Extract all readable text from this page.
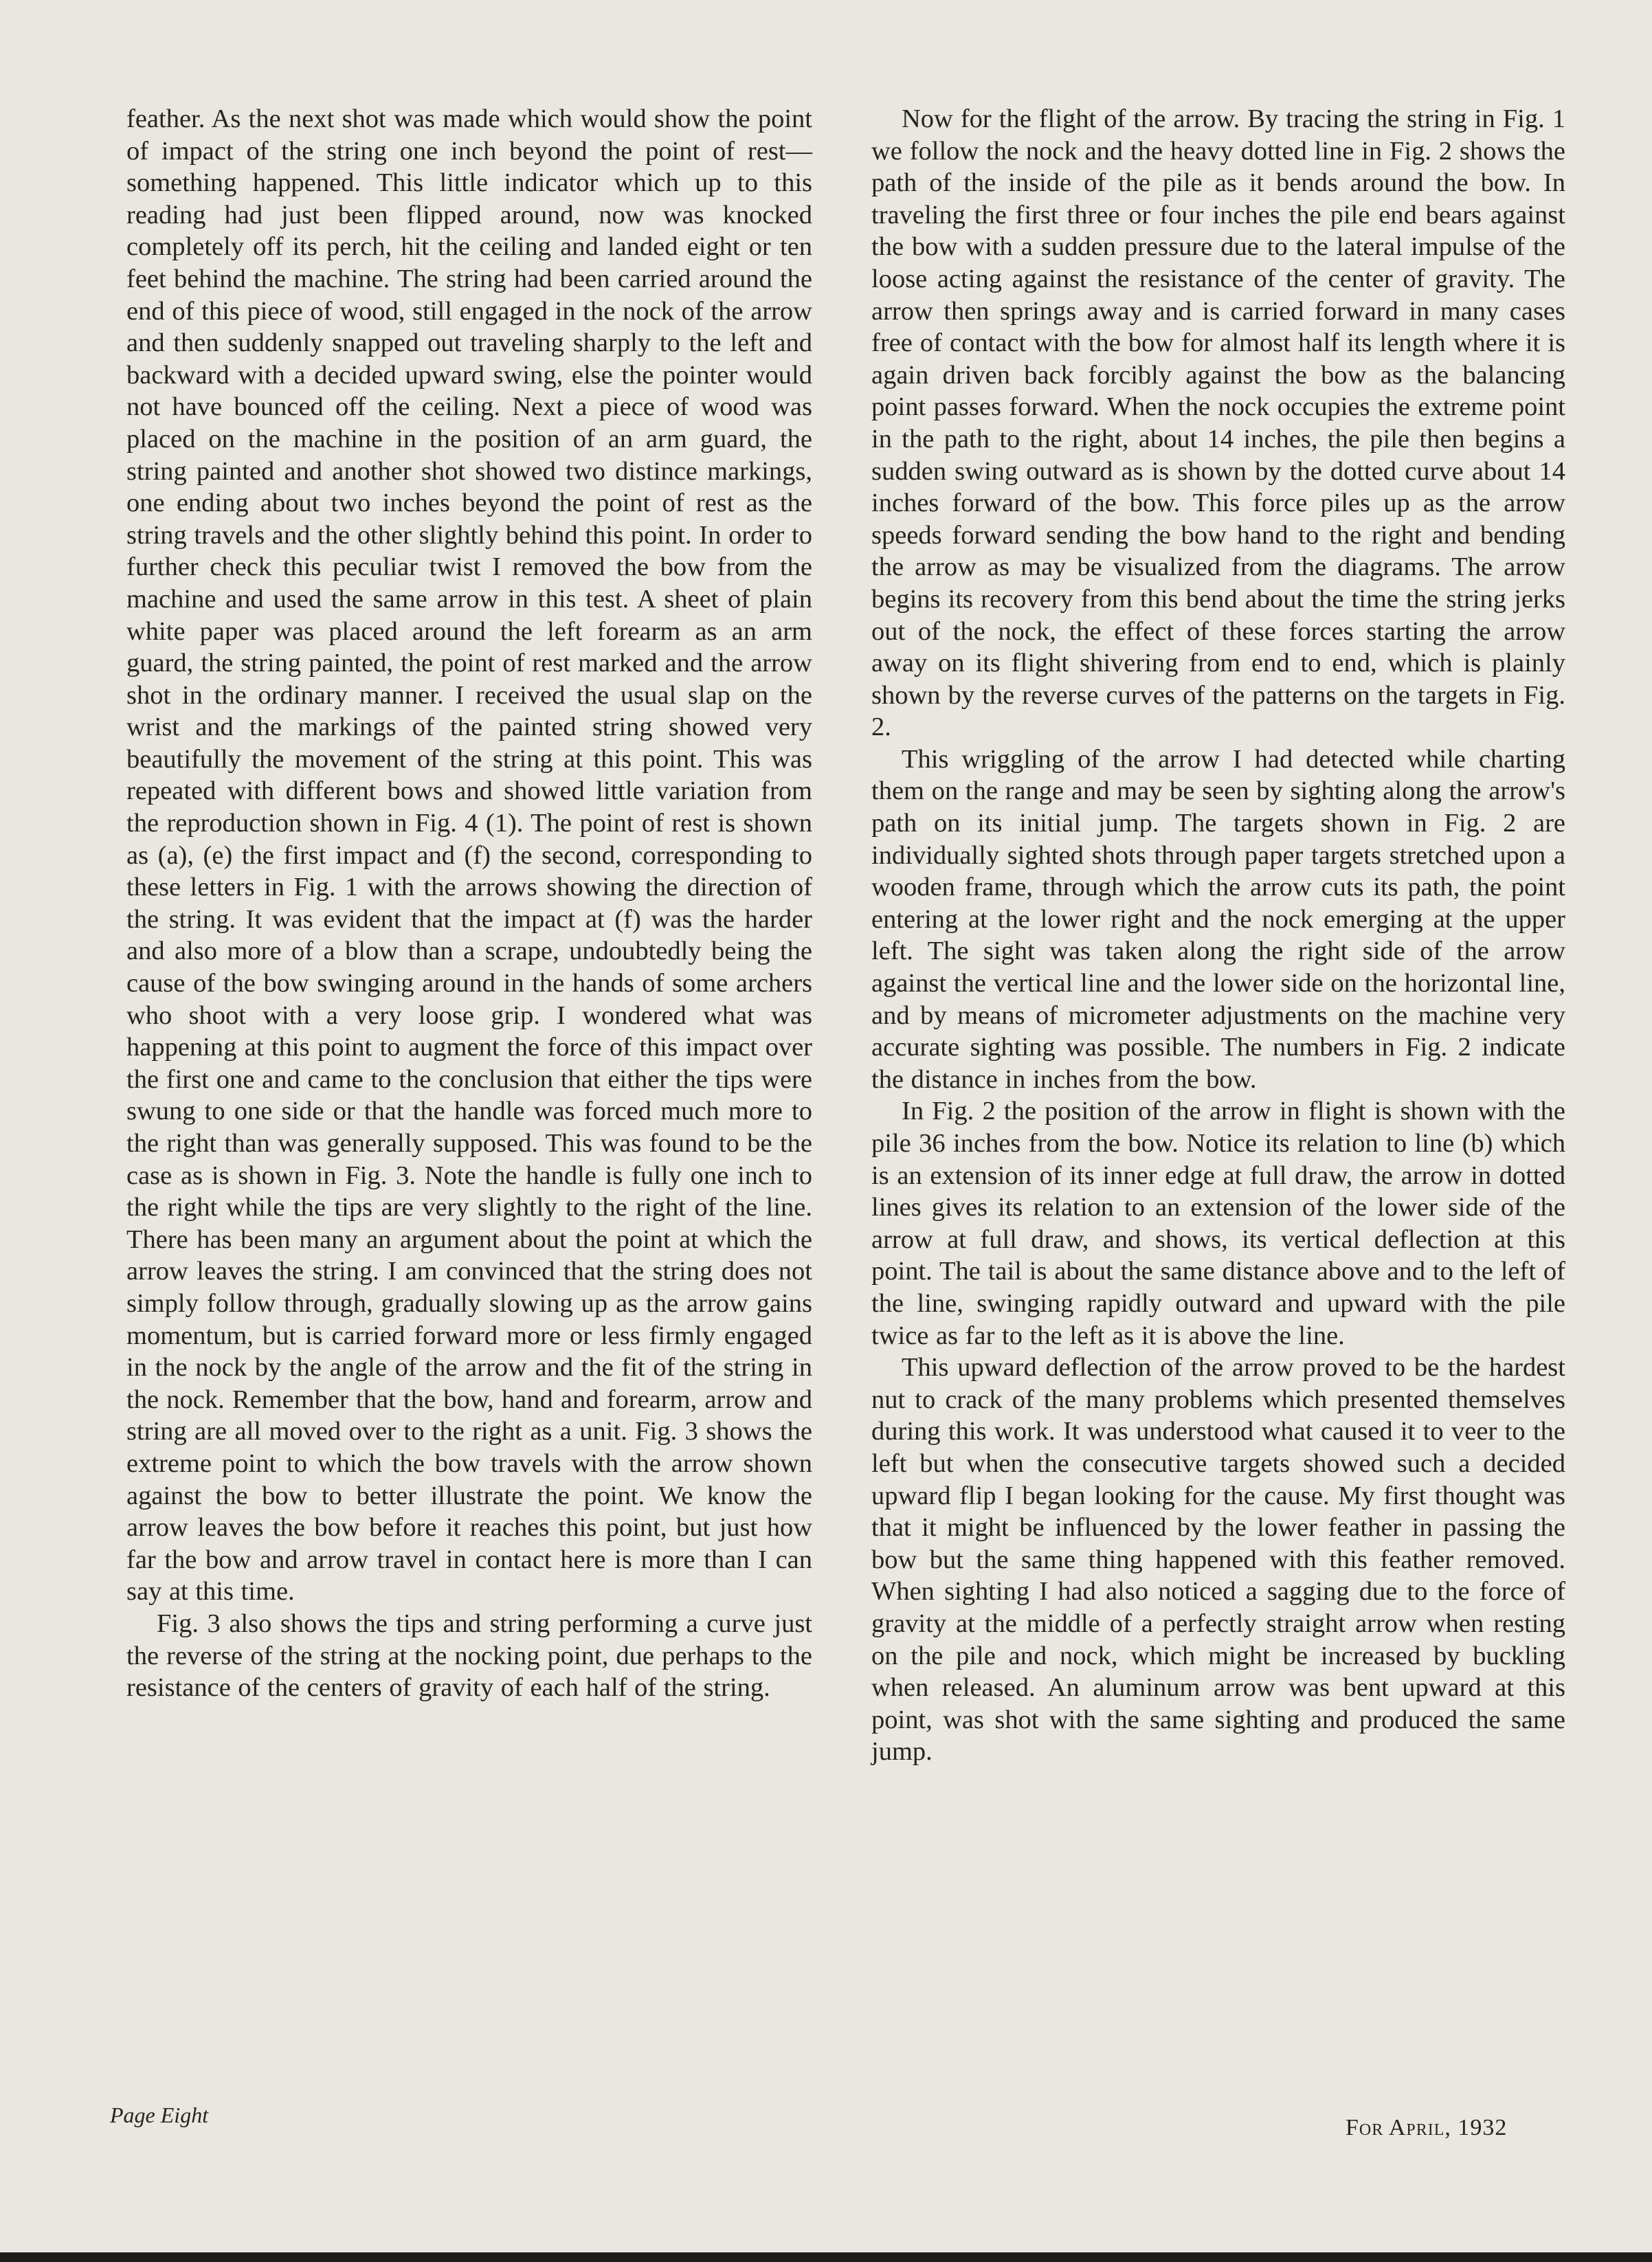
feather. As the next shot was made which would show the point of impact of the string one inch beyond the point of rest—something happened. This little indicator which up to this reading had just been flipped around, now was knocked completely off its perch, hit the ceiling and landed eight or ten feet behind the machine. The string had been carried around the end of this piece of wood, still engaged in the nock of the arrow and then suddenly snapped out traveling sharply to the left and backward with a decided upward swing, else the pointer would not have bounced off the ceiling. Next a piece of wood was placed on the machine in the position of an arm guard, the string painted and another shot showed two distince markings, one ending about two inches beyond the point of rest as the string travels and the other slightly behind this point. In order to further check this peculiar twist I removed the bow from the machine and used the same arrow in this test. A sheet of plain white paper was placed around the left forearm as an arm guard, the string painted, the point of rest marked and the arrow shot in the ordinary manner. I received the usual slap on the wrist and the markings of the painted string showed very beautifully the movement of the string at this point. This was repeated with different bows and showed little variation from the reproduction shown in Fig. 4 (1). The point of rest is shown as (a), (e) the first impact and (f) the second, corresponding to these letters in Fig. 1 with the arrows showing the direction of the string. It was evident that the impact at (f) was the harder and also more of a blow than a scrape, undoubtedly being the cause of the bow swinging around in the hands of some archers who shoot with a very loose grip. I wondered what was happening at this point to augment the force of this impact over the first one and came to the conclusion that either the tips were swung to one side or that the handle was forced much more to the right than was generally supposed. This was found to be the case as is shown in Fig. 3. Note the handle is fully one inch to the right while the tips are very slightly to the right of the line. There has been many an argument about the point at which the arrow leaves the string. I am convinced that the string does not simply follow through, gradually slowing up as the arrow gains momentum, but is carried forward more or less firmly engaged in the nock by the angle of the arrow and the fit of the string in the nock. Remember that the bow, hand and forearm, arrow and string are all moved over to the right as a unit. Fig. 3 shows the extreme point to which the bow travels with the arrow shown against the bow to better illustrate the point. We know the arrow leaves the bow before it reaches this point, but just how far the bow and arrow travel in contact here is more than I can say at this time.

Fig. 3 also shows the tips and string performing a curve just the reverse of the string at the nocking point, due perhaps to the resistance of the centers of gravity of each half of the string.

Now for the flight of the arrow. By tracing the string in Fig. 1 we follow the nock and the heavy dotted line in Fig. 2 shows the path of the inside of the pile as it bends around the bow. In traveling the first three or four inches the pile end bears against the bow with a sudden pressure due to the lateral impulse of the loose acting against the resistance of the center of gravity. The arrow then springs away and is carried forward in many cases free of contact with the bow for almost half its length where it is again driven back forcibly against the bow as the balancing point passes forward. When the nock occupies the extreme point in the path to the right, about 14 inches, the pile then begins a sudden swing outward as is shown by the dotted curve about 14 inches forward of the bow. This force piles up as the arrow speeds forward sending the bow hand to the right and bending the arrow as may be visualized from the diagrams. The arrow begins its recovery from this bend about the time the string jerks out of the nock, the effect of these forces starting the arrow away on its flight shivering from end to end, which is plainly shown by the reverse curves of the patterns on the targets in Fig. 2.

This wriggling of the arrow I had detected while charting them on the range and may be seen by sighting along the arrow's path on its initial jump. The targets shown in Fig. 2 are individually sighted shots through paper targets stretched upon a wooden frame, through which the arrow cuts its path, the point entering at the lower right and the nock emerging at the upper left. The sight was taken along the right side of the arrow against the vertical line and the lower side on the horizontal line, and by means of micrometer adjustments on the machine very accurate sighting was possible. The numbers in Fig. 2 indicate the distance in inches from the bow.

In Fig. 2 the position of the arrow in flight is shown with the pile 36 inches from the bow. Notice its relation to line (b) which is an extension of its inner edge at full draw, the arrow in dotted lines gives its relation to an extension of the lower side of the arrow at full draw, and shows, its vertical deflection at this point. The tail is about the same distance above and to the left of the line, swinging rapidly outward and upward with the pile twice as far to the left as it is above the line.

This upward deflection of the arrow proved to be the hardest nut to crack of the many problems which presented themselves during this work. It was understood what caused it to veer to the left but when the consecutive targets showed such a decided upward flip I began looking for the cause. My first thought was that it might be influenced by the lower feather in passing the bow but the same thing happened with this feather removed. When sighting I had also noticed a sagging due to the force of gravity at the middle of a perfectly straight arrow when resting on the pile and nock, which might be increased by buckling when released. An aluminum arrow was bent upward at this point, was shot with the same sighting and produced the same jump.

Page Eight	For April, 1932
